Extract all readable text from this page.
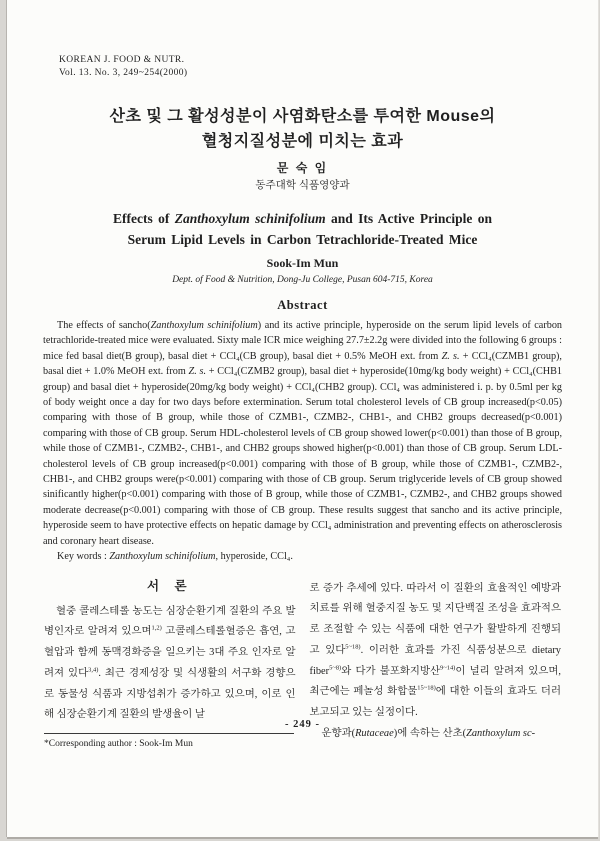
KOREAN J. FOOD & NUTR.
Vol. 13. No. 3, 249~254(2000)
산초 및 그 활성성분이 사염화탄소를 투여한 Mouse의
혈청지질성분에 미치는 효과
문 숙 임
동주대학 식품영양과
Effects of Zanthoxylum schinifolium and Its Active Principle on
Serum Lipid Levels in Carbon Tetrachloride-Treated Mice
Sook-Im Mun
Dept. of Food & Nutrition, Dong-Ju College, Pusan 604-715, Korea
Abstract
The effects of sancho(Zanthoxylum schinifolium) and its active principle, hyperoside on the serum lipid levels of carbon tetrachloride-treated mice were evaluated. Sixty male ICR mice weighing 27.7±2.2g were divided into the following 6 groups : mice fed basal diet(B group), basal diet + CCl₄(CB group), basal diet + 0.5% MeOH ext. from Z. s. + CCl₄(CZMB1 group), basal diet + 1.0% MeOH ext. from Z. s. + CCl₄(CZMB2 group), basal diet + hyperoside(10mg/kg body weight) + CCl₄(CHB1 group) and basal diet + hyperoside(20mg/kg body weight) + CCl₄(CHB2 group). CCl₄ was administered i. p. by 0.5ml per kg of body weight once a day for two days before extermination. Serum total cholesterol levels of CB group increased(p<0.05) comparing with those of B group, while those of CZMB1-, CZMB2-, CHB1-, and CHB2 groups decreased(p<0.001) comparing with those of CB group. Serum HDL-cholesterol levels of CB group showed lower(p<0.001) than those of B group, while those of CZMB1-, CZMB2-, CHB1-, and CHB2 groups showed higher(p<0.001) than those of CB group. Serum LDL-cholesterol levels of CB group increased(p<0.001) comparing with those of B group, while those of CZMB1-, CZMB2-, CHB1-, and CHB2 groups were(p<0.001) comparing with those of CB group. Serum triglyceride levels of CB group showed sinificantly higher(p<0.001) comparing with those of B group, while those of CZMB1-, CZMB2-, and CHB2 groups showed moderate decrease(p<0.001) comparing with those of CB group. These results suggest that sancho and its active principle, hyperoside seem to have protective effects on hepatic damage by CCl₄ administration and preventing effects on atherosclerosis and coronary heart disease.
Key words : Zanthoxylum schinifolium, hyperoside, CCl₄.
서 론

혈중 콜레스테롤 농도는 심장순환기계 질환의 주요 발병인자로 알려져 있으며$^{1,2)}$ 고콜레스테롤혈증은 흡연, 고혈압과 함께 동맥경화증을 일으키는 3대 주요 인자로 알려져 있다$^{3,4)}$. 최근 경제성장 및 식생활의 서구화 경향으로 동물성 식품과 지방섭취가 증가하고 있으며, 이로 인해 심장순환기계 질환의 발생율이 날

*Corresponding author : Sook-Im Mun

로 증가 추세에 있다. 따라서 이 질환의 효율적인 예방과 치료를 위해 혈중지질 농도 및 지단백질 조성을 효과적으로 조절할 수 있는 식품에 대한 연구가 활발하게 진행되고 있다$^{5\sim 18)}$. 이러한 효과를 가진 식품성분으로 dietary fiber$^{5\sim 8)}$와 다가 불포화지방산$^{9\sim 14)}$이 널리 알려져 있으며, 최근에는 페놀성 화합물$^{15\sim 18)}$에 대한 이들의 효과도 더러 보고되고 있는 실정이다.

운향과(Rutaceae)에 속하는 산초(Zanthoxylum sc-

- 249 -
